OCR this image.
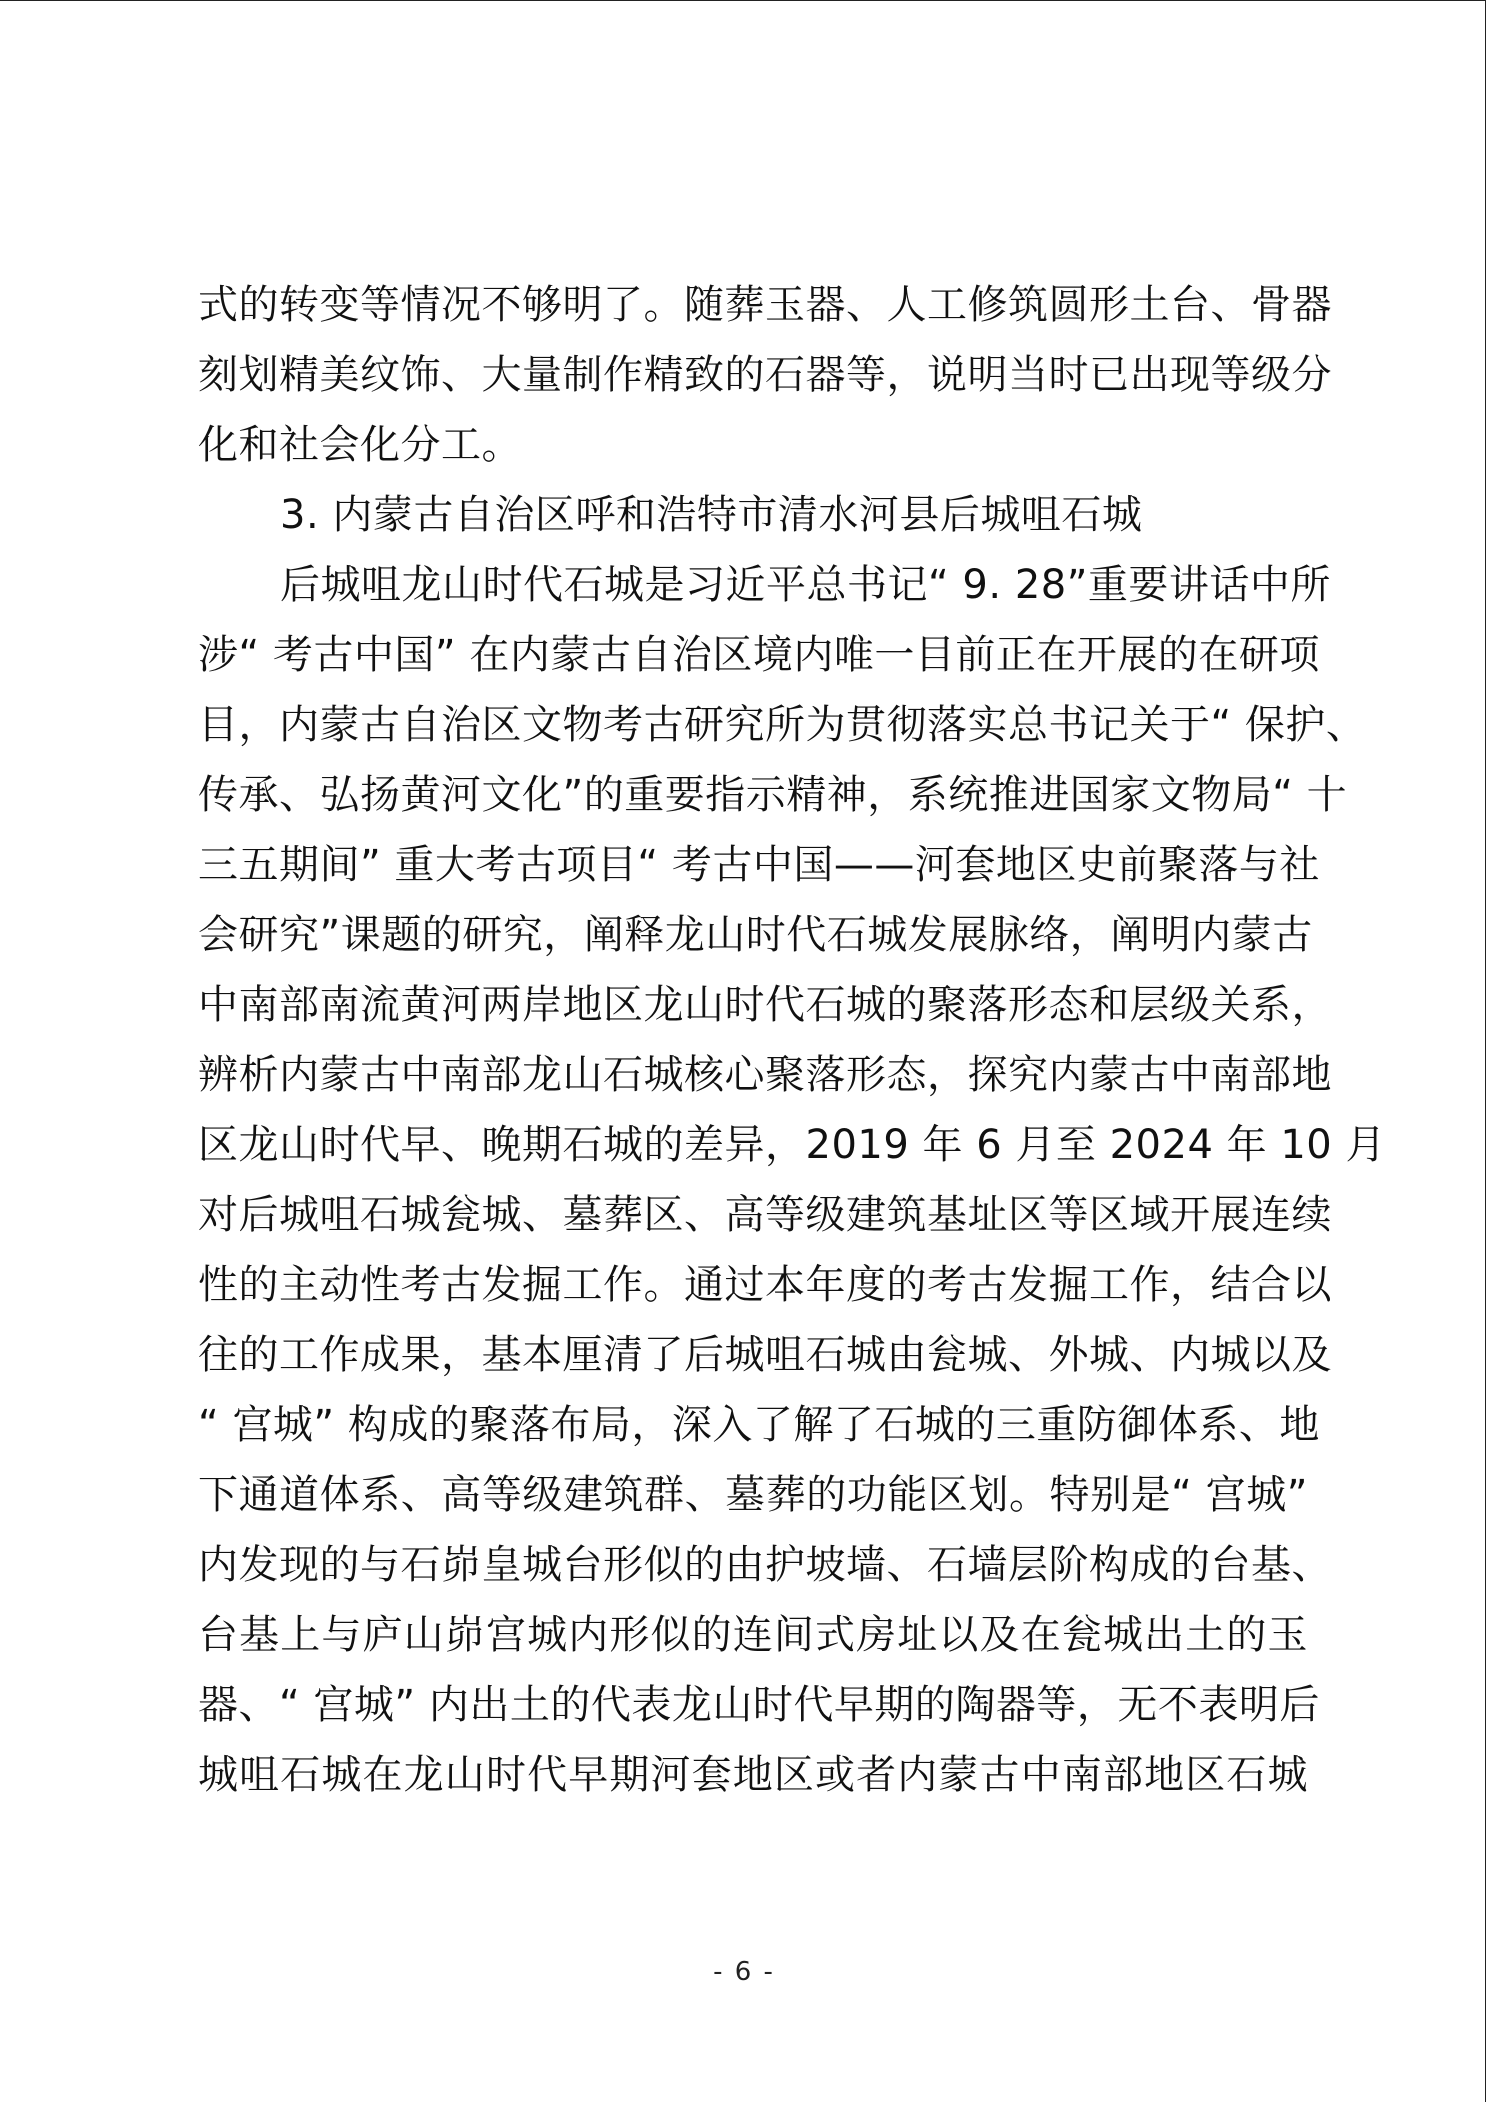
式的转变等情况不够明了。随葬玉器、人工修筑圆形土台、骨器
刻划精美纹饰、大量制作精致的石器等，说明当时已出现等级分
化和社会化分工。
3. 内蒙古自治区呼和浩特市清水河县后城咀石城
后城咀龙山时代石城是习近平总书记“ 9. 28”重要讲话中所
涉“ 考古中国” 在内蒙古自治区境内唯一目前正在开展的在研项
目，内蒙古自治区文物考古研究所为贯彻落实总书记关于“ 保护、
传承、弘扬黄河文化”的重要指示精神，系统推进国家文物局“ 十
三五期间” 重大考古项目“ 考古中国——河套地区史前聚落与社
会研究”课题的研究，阐释龙山时代石城发展脉络，阐明内蒙古
中南部南流黄河两岸地区龙山时代石城的聚落形态和层级关系，
辨析内蒙古中南部龙山石城核心聚落形态，探究内蒙古中南部地
区龙山时代早、晚期石城的差异，2019 年 6 月至 2024 年 10 月
对后城咀石城瓮城、墓葬区、高等级建筑基址区等区域开展连续
性的主动性考古发掘工作。通过本年度的考古发掘工作，结合以
往的工作成果，基本厘清了后城咀石城由瓮城、外城、内城以及
“ 宫城” 构成的聚落布局，深入了解了石城的三重防御体系、地
下通道体系、高等级建筑群、墓葬的功能区划。特别是“ 宫城”
内发现的与石峁皇城台形似的由护坡墙、石墙层阶构成的台基、
台基上与庐山峁宫城内形似的连间式房址以及在瓮城出土的玉
器、“ 宫城” 内出土的代表龙山时代早期的陶器等，无不表明后
城咀石城在龙山时代早期河套地区或者内蒙古中南部地区石城
- 6 -
